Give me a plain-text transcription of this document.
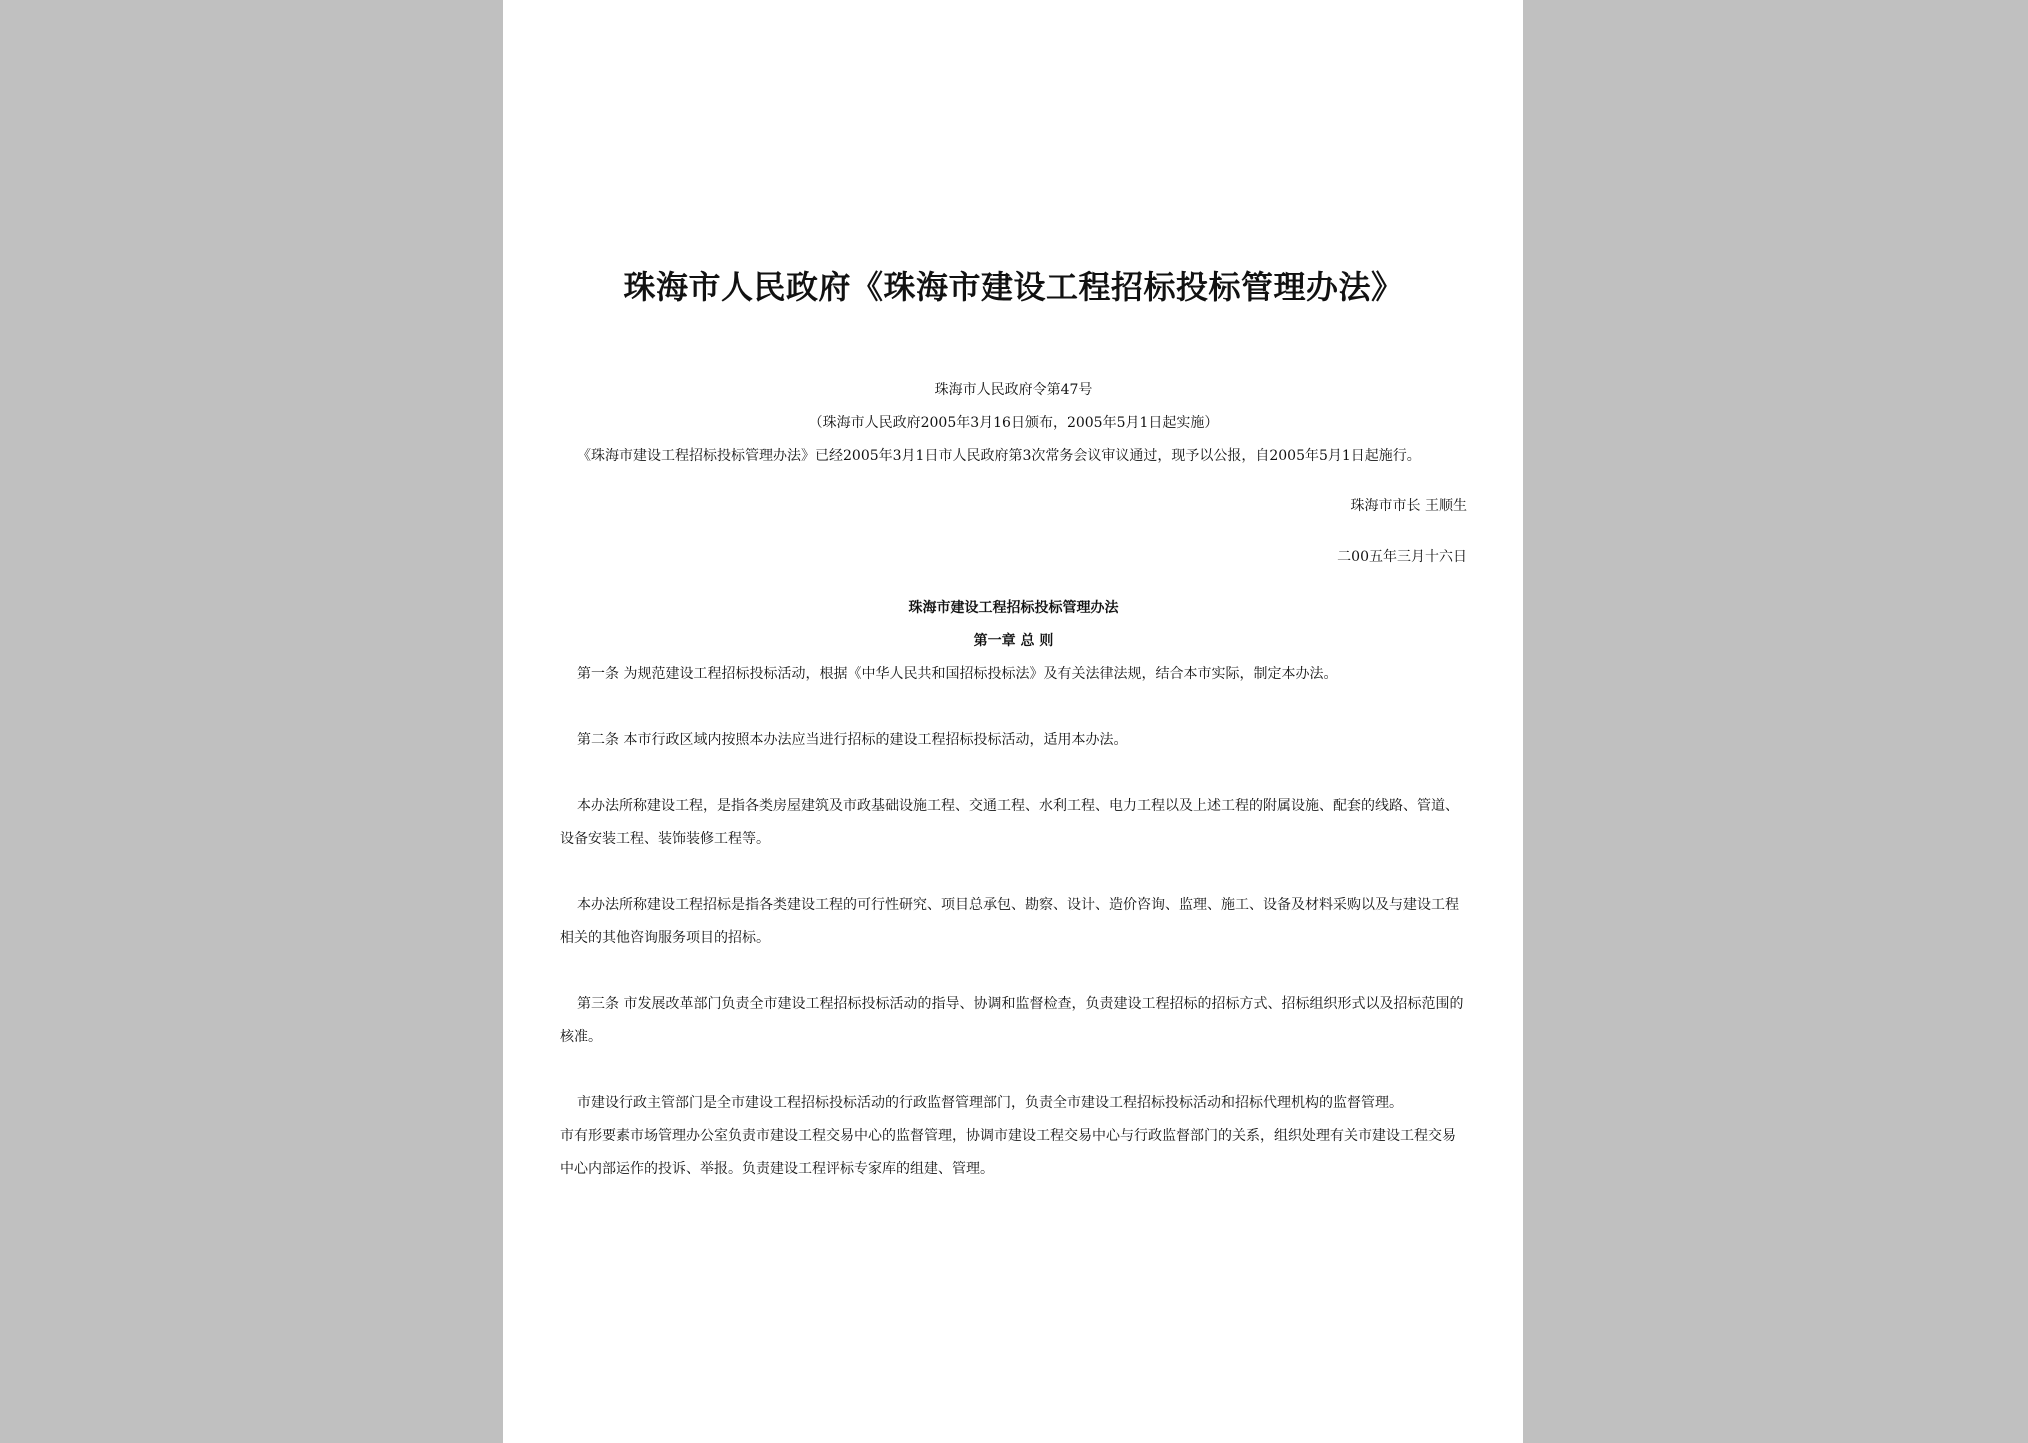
珠海市人民政府《珠海市建设工程招标投标管理办法》

珠海市人民政府令第47号

（珠海市人民政府2005年3月16日颁布，2005年5月1日起实施）

《珠海市建设工程招标投标管理办法》已经2005年3月1日市人民政府第3次常务会议审议通过，现予以公报，自2005年5月1日起施行。

珠海市市长 王顺生

二00五年三月十六日

珠海市建设工程招标投标管理办法

第一章 总 则

第一条 为规范建设工程招标投标活动，根据《中华人民共和国招标投标法》及有关法律法规，结合本市实际，制定本办法。

第二条 本市行政区域内按照本办法应当进行招标的建设工程招标投标活动，适用本办法。

本办法所称建设工程，是指各类房屋建筑及市政基础设施工程、交通工程、水利工程、电力工程以及上述工程的附属设施、配套的线路、管道、设备安装工程、装饰装修工程等。

本办法所称建设工程招标是指各类建设工程的可行性研究、项目总承包、勘察、设计、造价咨询、监理、施工、设备及材料采购以及与建设工程相关的其他咨询服务项目的招标。

第三条 市发展改革部门负责全市建设工程招标投标活动的指导、协调和监督检查，负责建设工程招标的招标方式、招标组织形式以及招标范围的核准。

市建设行政主管部门是全市建设工程招标投标活动的行政监督管理部门，负责全市建设工程招标投标活动和招标代理机构的监督管理。

市有形要素市场管理办公室负责市建设工程交易中心的监督管理，协调市建设工程交易中心与行政监督部门的关系，组织处理有关市建设工程交易中心内部运作的投诉、举报。负责建设工程评标专家库的组建、管理。
